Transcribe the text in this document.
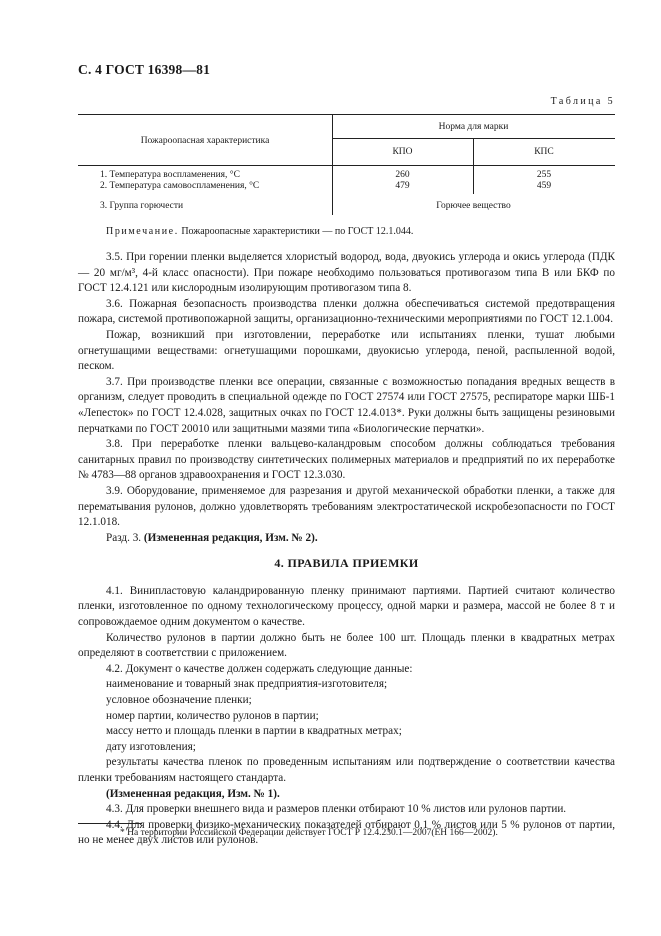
С. 4 ГОСТ 16398—81
Таблица 5
Пожароопасная характеристика
Норма для марки
КПО	КПС
1. Температура воспламенения, °С	260	255
2. Температура самовоспламенения, °С	479	459
3. Группа горючести	Горючее вещество
Примечание. Пожароопасные характеристики — по ГОСТ 12.1.044.

3.5. При горении пленки выделяется хлористый водород, вода, двуокись углерода и окись углерода (ПДК — 20 мг/м³, 4-й класс опасности). При пожаре необходимо пользоваться противогазом типа В или БКФ по ГОСТ 12.4.121 или кислородным изолирующим противогазом типа 8.

3.6. Пожарная безопасность производства пленки должна обеспечиваться системой предотвращения пожара, системой противопожарной защиты, организационно-техническими мероприятиями по ГОСТ 12.1.004.

Пожар, возникший при изготовлении, переработке или испытаниях пленки, тушат любыми огнетушащими веществами: огнетушащими порошками, двуокисью углерода, пеной, распыленной водой, песком.

3.7. При производстве пленки все операции, связанные с возможностью попадания вредных веществ в организм, следует проводить в специальной одежде по ГОСТ 27574 или ГОСТ 27575, респираторе марки ШБ-1 «Лепесток» по ГОСТ 12.4.028, защитных очках по ГОСТ 12.4.013*. Руки должны быть защищены резиновыми перчатками по ГОСТ 20010 или защитными мазями типа «Биологические перчатки».

3.8. При переработке пленки вальцево-каландровым способом должны соблюдаться требования санитарных правил по производству синтетических полимерных материалов и предприятий по их переработке № 4783—88 органов здравоохранения и ГОСТ 12.3.030.

3.9. Оборудование, применяемое для разрезания и другой механической обработки пленки, а также для перематывания рулонов, должно удовлетворять требованиям электростатической искробезопасности по ГОСТ 12.1.018.

Разд. 3. (Измененная редакция, Изм. № 2).

4. ПРАВИЛА ПРИЕМКИ

4.1. Винипластовую каландрированную пленку принимают партиями. Партией считают количество пленки, изготовленное по одному технологическому процессу, одной марки и размера, массой не более 8 т и сопровождаемое одним документом о качестве.

Количество рулонов в партии должно быть не более 100 шт. Площадь пленки в квадратных метрах определяют в соответствии с приложением.

4.2. Документ о качестве должен содержать следующие данные:

наименование и товарный знак предприятия-изготовителя;

условное обозначение пленки;

номер партии, количество рулонов в партии;

массу нетто и площадь пленки в партии в квадратных метрах;

дату изготовления;

результаты качества пленок по проведенным испытаниям или подтверждение о соответствии качества пленки требованиям настоящего стандарта.

(Измененная редакция, Изм. № 1).

4.3. Для проверки внешнего вида и размеров пленки отбирают 10 % листов или рулонов партии.

4.4. Для проверки физико-механических показателей отбирают 0,1 % листов или 5 % рулонов от партии, но не менее двух листов или рулонов.

* На территории Российской Федерации действует ГОСТ Р 12.4.230.1—2007(ЕН 166—2002).
